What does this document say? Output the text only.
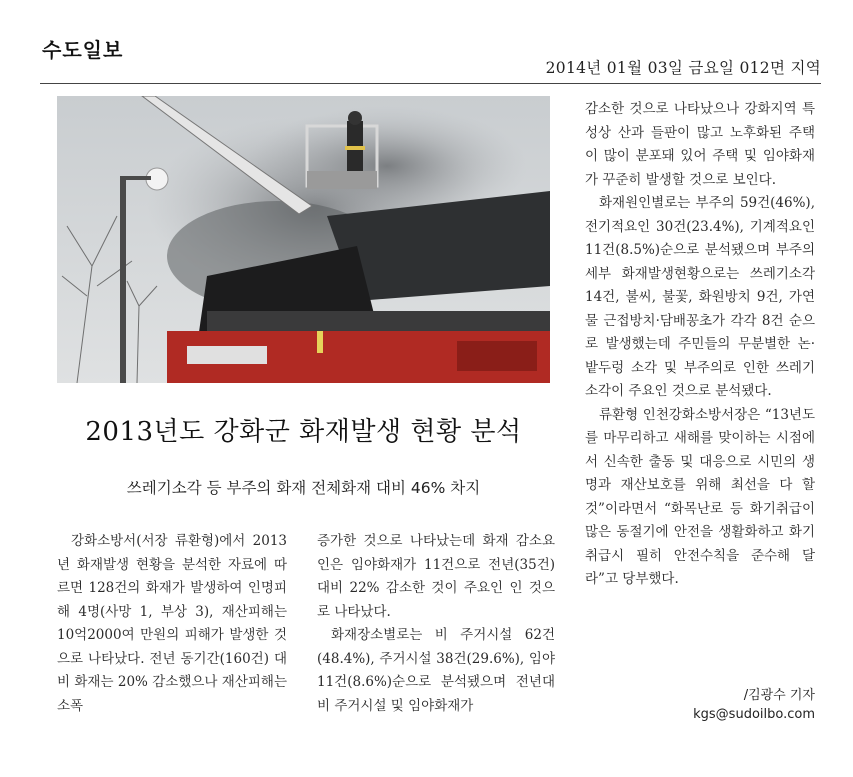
수도일보
2014년 01월 03일 금요일 012면 지역
2013년도 강화군 화재발생 현황 분석
쓰레기소각 등 부주의 화재 전체화재 대비 46% 차지

강화소방서(서장 류환형)에서 2013년 화재발생 현황을 분석한 자료에 따르면 128건의 화재가 발생하여 인명피해 4명(사망 1, 부상 3), 재산피해는 10억2000여 만원의 피해가 발생한 것으로 나타났다. 전년 동기간(160건) 대비 화재는 20% 감소했으나 재산피해는 소폭

증가한 것으로 나타났는데 화재 감소요인은 임야화재가 11건으로 전년(35건)대비 22% 감소한 것이 주요인 인 것으로 나타났다.

화재장소별로는 비 주거시설 62건(48.4%), 주거시설 38건(29.6%), 임야 11건(8.6%)순으로 분석됐으며 전년대비 주거시설 및 임야화재가

감소한 것으로 나타났으나 강화지역 특성상 산과 들판이 많고 노후화된 주택이 많이 분포돼 있어 주택 및 임야화재가 꾸준히 발생할 것으로 보인다.

화재원인별로는 부주의 59건(46%), 전기적요인 30건(23.4%), 기계적요인 11건(8.5%)순으로 분석됐으며 부주의세부 화재발생현황으로는 쓰레기소각 14건, 불씨, 불꽃, 화원방치 9건, 가연물 근접방치·담배꽁초가 각각 8건 순으로 발생했는데 주민들의 무분별한 논·밭두렁 소각 및 부주의로 인한 쓰레기소각이 주요인 것으로 분석됐다.

류환형 인천강화소방서장은 “13년도를 마무리하고 새해를 맞이하는 시점에서 신속한 출동 및 대응으로 시민의 생명과 재산보호를 위해 최선을 다 할 것”이라면서 “화목난로 등 화기취급이 많은 동절기에 안전을 생활화하고 화기취급시 필히 안전수칙을 준수해 달라”고 당부했다.

/김광수 기자
kgs@sudoilbo.com
